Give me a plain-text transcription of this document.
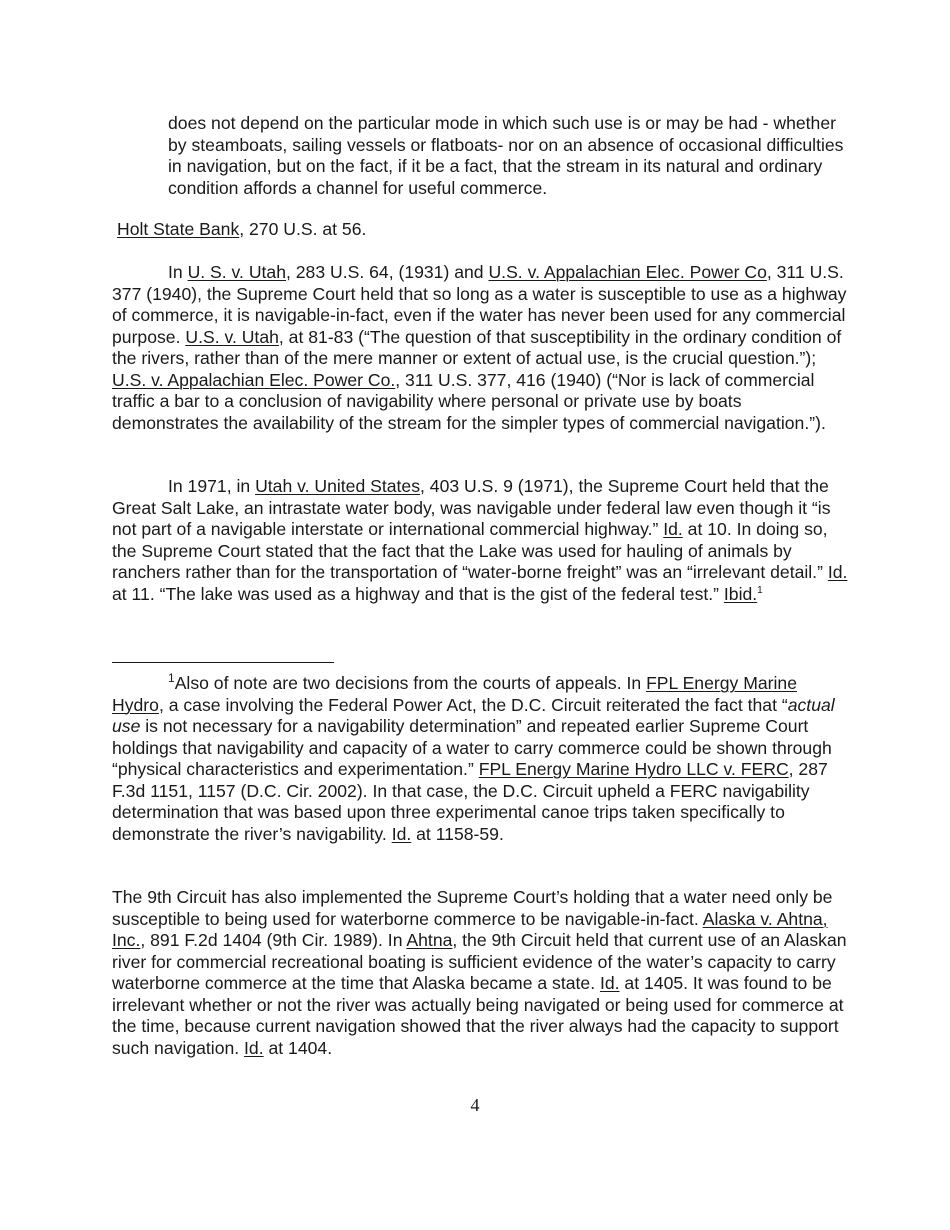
does not depend on the particular mode in which such use is or may be had - whether by steamboats, sailing vessels or flatboats- nor on an absence of occasional difficulties in navigation, but on the fact, if it be a fact, that the stream in its natural and ordinary condition affords a channel for useful commerce.

Holt State Bank, 270 U.S. at 56.

In U. S. v. Utah, 283 U.S. 64, (1931) and U.S. v. Appalachian Elec. Power Co, 311 U.S. 377 (1940), the Supreme Court held that so long as a water is susceptible to use as a highway of commerce, it is navigable-in-fact, even if the water has never been used for any commercial purpose. U.S. v. Utah, at 81-83 (“The question of that susceptibility in the ordinary condition of the rivers, rather than of the mere manner or extent of actual use, is the crucial question.”); U.S. v. Appalachian Elec. Power Co., 311 U.S. 377, 416 (1940) (“Nor is lack of commercial traffic a bar to a conclusion of navigability where personal or private use by boats demonstrates the availability of the stream for the simpler types of commercial navigation.”).

In 1971, in Utah v. United States, 403 U.S. 9 (1971), the Supreme Court held that the Great Salt Lake, an intrastate water body, was navigable under federal law even though it “is not part of a navigable interstate or international commercial highway.” Id. at 10. In doing so, the Supreme Court stated that the fact that the Lake was used for hauling of animals by ranchers rather than for the transportation of “water-borne freight” was an “irrelevant detail.” Id. at 11. “The lake was used as a highway and that is the gist of the federal test.” Ibid.$^1$

$^1$Also of note are two decisions from the courts of appeals. In FPL Energy Marine Hydro, a case involving the Federal Power Act, the D.C. Circuit reiterated the fact that “actual use is not necessary for a navigability determination” and repeated earlier Supreme Court holdings that navigability and capacity of a water to carry commerce could be shown through “physical characteristics and experimentation.” FPL Energy Marine Hydro LLC v. FERC, 287 F.3d 1151, 1157 (D.C. Cir. 2002). In that case, the D.C. Circuit upheld a FERC navigability determination that was based upon three experimental canoe trips taken specifically to demonstrate the river’s navigability. Id. at 1158-59.

The 9th Circuit has also implemented the Supreme Court’s holding that a water need only be susceptible to being used for waterborne commerce to be navigable-in-fact. Alaska v. Ahtna, Inc., 891 F.2d 1404 (9th Cir. 1989). In Ahtna, the 9th Circuit held that current use of an Alaskan river for commercial recreational boating is sufficient evidence of the water’s capacity to carry waterborne commerce at the time that Alaska became a state. Id. at 1405. It was found to be irrelevant whether or not the river was actually being navigated or being used for commerce at the time, because current navigation showed that the river always had the capacity to support such navigation. Id. at 1404.

4
